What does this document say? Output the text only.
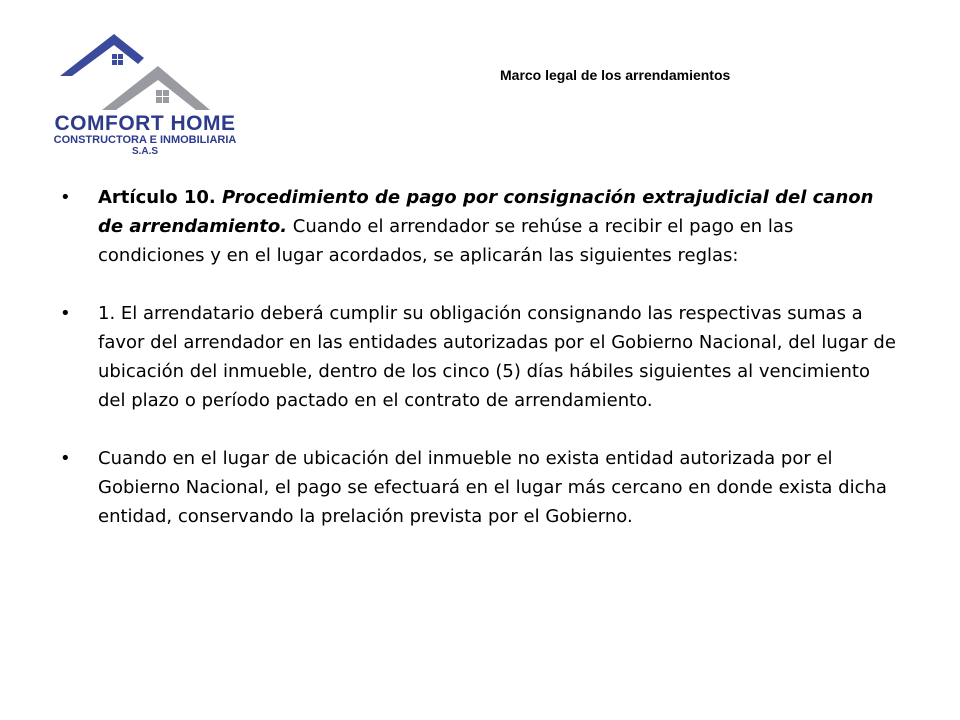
COMFORT HOME
CONSTRUCTORA E INMOBILIARIA
S.A.S
Marco legal de los arrendamientos
• Artículo 10. Procedimiento de pago por consignación extrajudicial del canon de arrendamiento. Cuando el arrendador se rehúse a recibir el pago en las condiciones y en el lugar acordados, se aplicarán las siguientes reglas:
• 1. El arrendatario deberá cumplir su obligación consignando las respectivas sumas a favor del arrendador en las entidades autorizadas por el Gobierno Nacional, del lugar de ubicación del inmueble, dentro de los cinco (5) días hábiles siguientes al vencimiento del plazo o período pactado en el contrato de arrendamiento.
• Cuando en el lugar de ubicación del inmueble no exista entidad autorizada por el Gobierno Nacional, el pago se efectuará en el lugar más cercano en donde exista dicha entidad, conservando la prelación prevista por el Gobierno.
